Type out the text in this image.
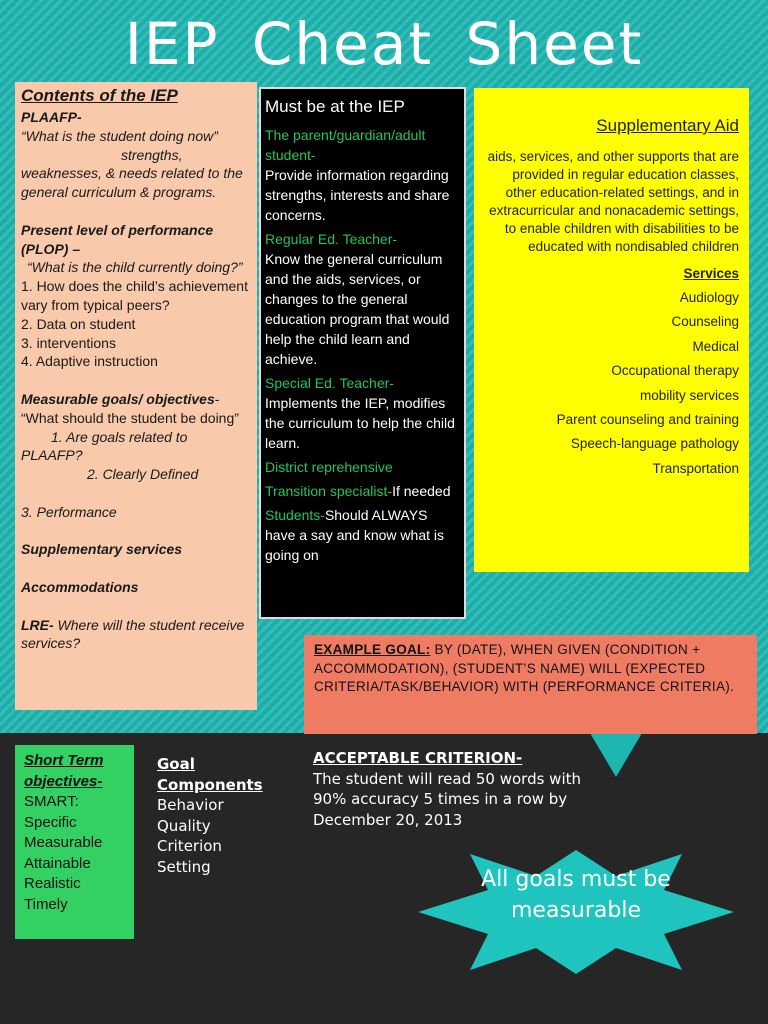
IEP Cheat Sheet
Contents of the IEP

PLAAFP-

“What is the student doing now”

strengths,

weaknesses, & needs related to the general curriculum & programs.

Present level of performance (PLOP) –

“What is the child currently doing?”

1. How does the child’s achievement vary from typical peers?

2. Data on student

3. interventions

4. Adaptive instruction

Measurable goals/ objectives-

“What should the student be doing”

1. Are goals related to PLAAFP?

2. Clearly Defined

3. Performance

Supplementary services

Accommodations

LRE- Where will the student receive services?

Must be at the IEP

The parent/guardian/adult student-
Provide information regarding strengths, interests and share concerns.

Regular Ed. Teacher-
Know the general curriculum and the aids, services, or changes to the general education program that would help the child learn and achieve.

Special Ed. Teacher-
Implements the IEP, modifies the curriculum to help the child learn.

District reprehensive

Transition specialist-If needed

Students-Should ALWAYS have a say and know what is going on

Supplementary Aid

aids, services, and other supports that are provided in regular education classes, other education-related settings, and in extracurricular and nonacademic settings, to enable children with disabilities to be educated with nondisabled children

Services

Audiology
Counseling
Medical
Occupational therapy
mobility services
Parent counseling and training
Speech-language pathology
Transportation
EXAMPLE GOAL: BY (DATE), WHEN GIVEN (CONDITION + ACCOMMODATION), (STUDENT’S NAME) WILL (EXPECTED CRITERIA/TASK/BEHAVIOR) WITH (PERFORMANCE CRITERIA).
Short Term objectives-
SMART:
Specific
Measurable
Attainable
Realistic
Timely
Goal Components
Behavior
Quality
Criterion
Setting
ACCEPTABLE CRITERION-
The student will read 50 words with 90% accuracy 5 times in a row by December 20, 2013
All goals must be measurable
